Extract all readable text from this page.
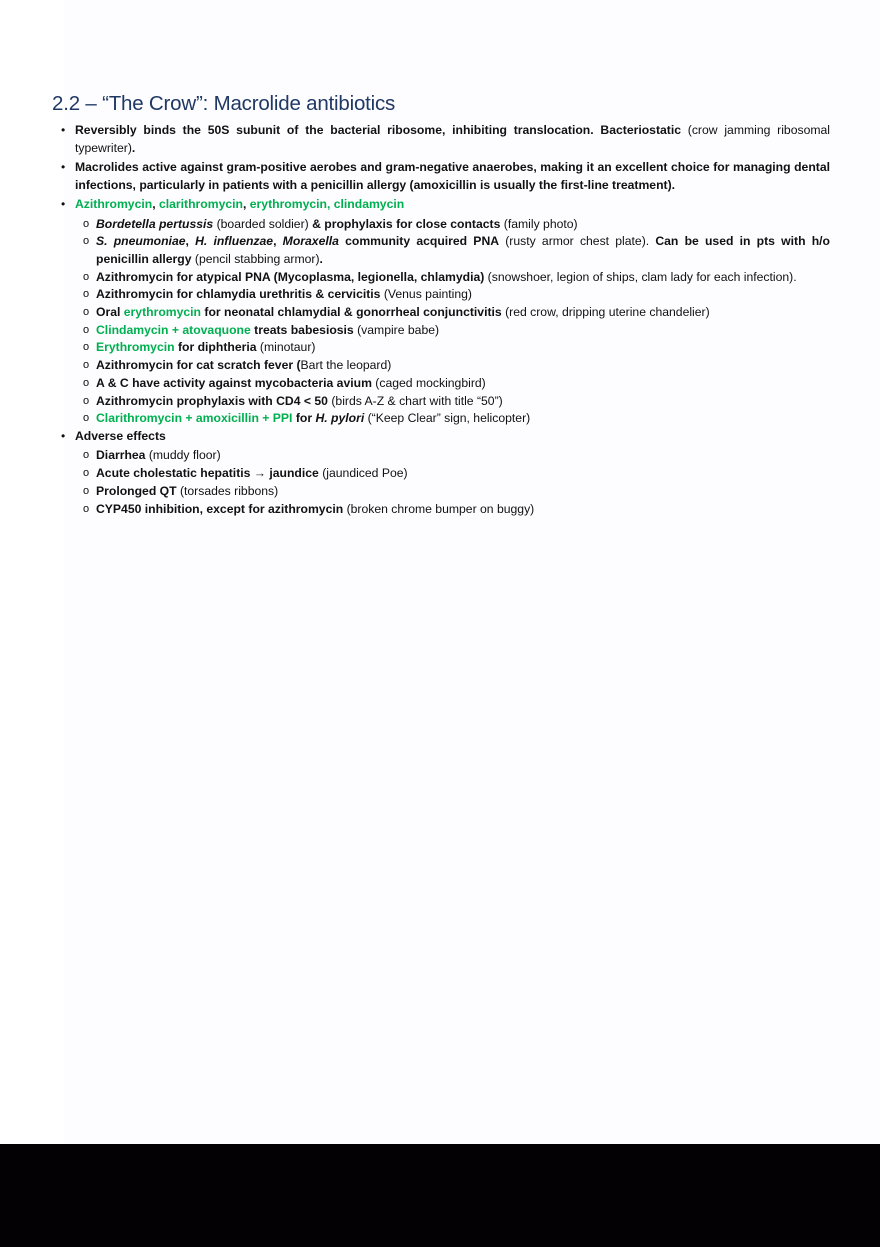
2.2 – “The Crow”: Macrolide antibiotics
• Reversibly binds the 50S subunit of the bacterial ribosome, inhibiting translocation. Bacteriostatic (crow jamming ribosomal typewriter).
• Macrolides active against gram-positive aerobes and gram-negative anaerobes, making it an excellent choice for managing dental infections, particularly in patients with a penicillin allergy (amoxicillin is usually the first-line treatment).
• Azithromycin, clarithromycin, erythromycin, clindamycin
o Bordetella pertussis (boarded soldier) & prophylaxis for close contacts (family photo)
o S. pneumoniae, H. influenzae, Moraxella community acquired PNA (rusty armor chest plate). Can be used in pts with h/o penicillin allergy (pencil stabbing armor).
o Azithromycin for atypical PNA (Mycoplasma, legionella, chlamydia) (snowshoer, legion of ships, clam lady for each infection).
o Azithromycin for chlamydia urethritis & cervicitis (Venus painting)
o Oral erythromycin for neonatal chlamydial & gonorrheal conjunctivitis (red crow, dripping uterine chandelier)
o Clindamycin + atovaquone treats babesiosis (vampire babe)
o Erythromycin for diphtheria (minotaur)
o Azithromycin for cat scratch fever (Bart the leopard)
o A & C have activity against mycobacteria avium (caged mockingbird)
o Azithromycin prophylaxis with CD4 < 50 (birds A-Z & chart with title “50”)
o Clarithromycin + amoxicillin + PPI for H. pylori (“Keep Clear” sign, helicopter)
• Adverse effects
o Diarrhea (muddy floor)
o Acute cholestatic hepatitis → jaundice (jaundiced Poe)
o Prolonged QT (torsades ribbons)
o CYP450 inhibition, except for azithromycin (broken chrome bumper on buggy)
